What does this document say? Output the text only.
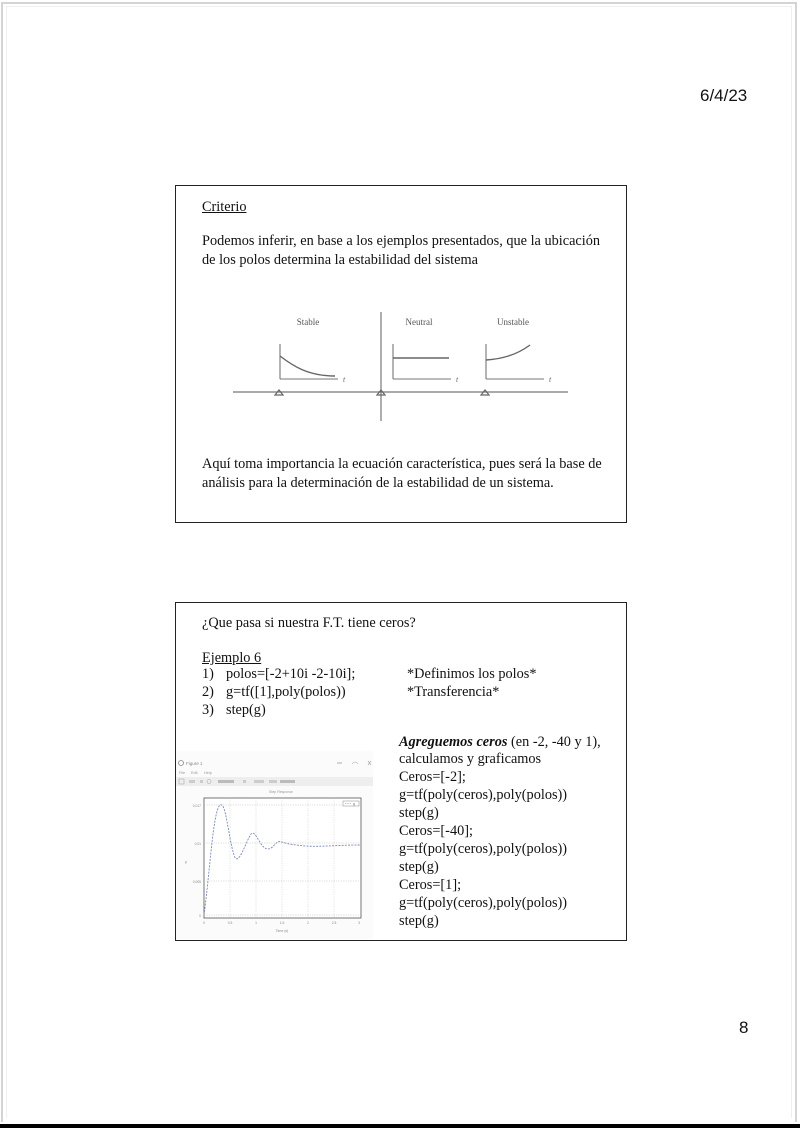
6/4/23
8
Criterio
Podemos inferir, en base a los ejemplos presentados, que la ubicación
de los polos determina la estabilidad del sistema
Stable	Neutral	Unstable
t	t	t
Aquí toma importancia la ecuación característica, pues será la base de
análisis para la determinación de la estabilidad de un sistema.
¿Que pasa si nuestra F.T. tiene ceros?
Ejemplo 6
1) polos=[-2+10i -2-10i];	*Definimos los polos*
2) g=tf([1],poly(polos))	*Transferencia*
3) step(g)
Figure 1
File Edit Help
Step Response
0.017
0.01
0.005
0
y
0	0.5	1	1.5	2	2.5	3
Time (s)
g
Agreguemos ceros (en -2, -40 y 1),
calculamos y graficamos
Ceros=[-2];
g=tf(poly(ceros),poly(polos))
step(g)
Ceros=[-40];
g=tf(poly(ceros),poly(polos))
step(g)
Ceros=[1];
g=tf(poly(ceros),poly(polos))
step(g)
